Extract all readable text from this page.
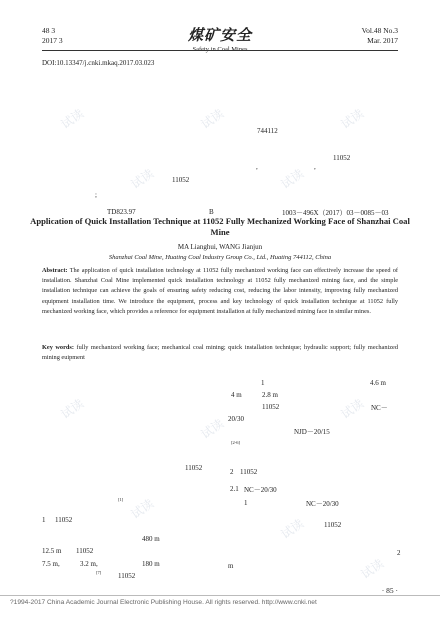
试读	试读	试读
试读	试读
试读
试读
试读
试读
试读
试读
48 3
2017 3	煤矿安全
Safety in Coal Mines
Vol.48 No.3
Mar. 2017
DOI:10.13347/j.cnki.mkaq.2017.03.023
744112
11052
,	,
11052
;
TD823.97	B	1003－496X（2017）03－0085－03
Application of Quick Installation Technique at 11052 Fully Mechanized Working Face of Shanzhai Coal Mine
MA Lianghui, WANG Jianjun
Shanzhai Coal Mine, Huating Coal Industry Group Co., Ltd., Huating 744112, China
Abstract: The application of quick installation technology at 11052 fully mechanized working face can effectively increase the speed of installation. Shanzhai Coal Mine implemented quick installation technology at 11052 fully mechanized mining face, and the simple installation technique can achieve the goals of ensuring safety reducing cost, reducing the labor intensity, improving fully mechanized equipment installation time. We introduce the equipment, process and key technology of quick installation technique at 11052 fully mechanized working face, which provides a reference for equipment installation at fully mechanized mining face in similar mines.
Key words: fully mechanized working face; mechanical coal mining; quick installation technique; hydraulic support; fully mechanized mining euipment
1	4.6 m
4 m	2.8 m
11052	NC－
20/30
NJD－20/15
[2-6]
11052	2 11052
2.1 NC－20/30
[1]	1	NC－20/30
1 11052
11052
480 m
12.5 m 11052	2
7.5 m,	3.2 m,	180 m	m
[7] 11052
· 85 ·
?1994-2017 China Academic Journal Electronic Publishing House. All rights reserved. http://www.cnki.net
